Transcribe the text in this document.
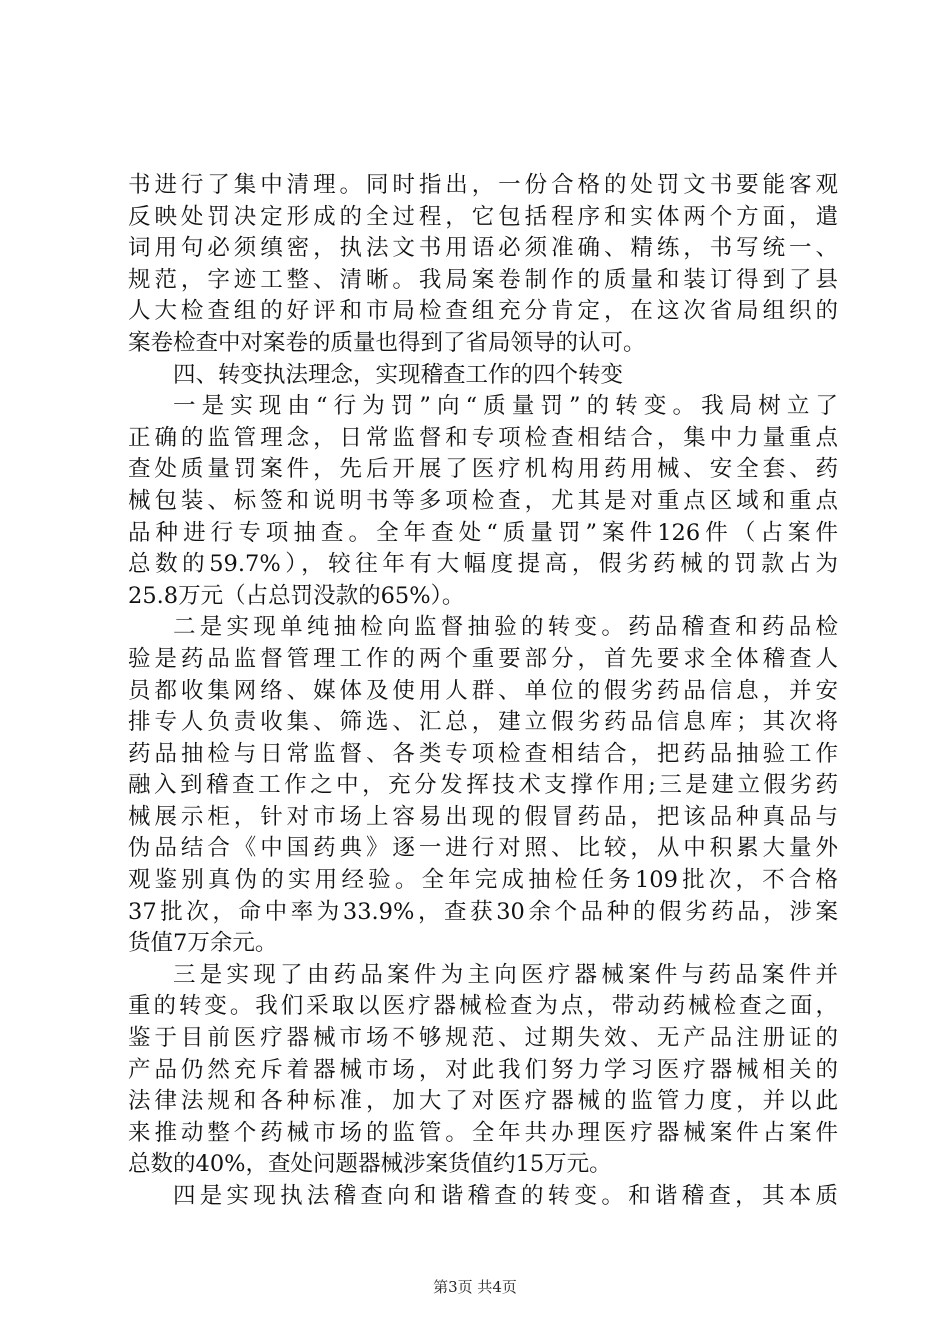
书进行了集中清理。同时指出，一份合格的处罚文书要能客观
反映处罚决定形成的全过程，它包括程序和实体两个方面，遣
词用句必须缜密，执法文书用语必须准确、精练，书写统一、
规范，字迹工整、清晰。我局案卷制作的质量和装订得到了县
人大检查组的好评和市局检查组充分肯定，在这次省局组织的
案卷检查中对案卷的质量也得到了省局领导的认可。
四、转变执法理念，实现稽查工作的四个转变
一是实现由“行为罚”向“质量罚”的转变。我局树立了
正确的监管理念，日常监督和专项检查相结合，集中力量重点
查处质量罚案件，先后开展了医疗机构用药用械、安全套、药
械包装、标签和说明书等多项检查，尤其是对重点区域和重点
品种进行专项抽查。全年查处“质量罚”案件126件（占案件
总数的59.7%），较往年有大幅度提高，假劣药械的罚款占为
25.8万元（占总罚没款的65%）。
二是实现单纯抽检向监督抽验的转变。药品稽查和药品检
验是药品监督管理工作的两个重要部分，首先要求全体稽查人
员都收集网络、媒体及使用人群、单位的假劣药品信息，并安
排专人负责收集、筛选、汇总，建立假劣药品信息库；其次将
药品抽检与日常监督、各类专项检查相结合，把药品抽验工作
融入到稽查工作之中，充分发挥技术支撑作用;三是建立假劣药
械展示柜，针对市场上容易出现的假冒药品，把该品种真品与
伪品结合《中国药典》逐一进行对照、比较，从中积累大量外
观鉴别真伪的实用经验。全年完成抽检任务109批次，不合格
37批次，命中率为33.9%，查获30余个品种的假劣药品，涉案
货值7万余元。
三是实现了由药品案件为主向医疗器械案件与药品案件并
重的转变。我们采取以医疗器械检查为点，带动药械检查之面，
鉴于目前医疗器械市场不够规范、过期失效、无产品注册证的
产品仍然充斥着器械市场，对此我们努力学习医疗器械相关的
法律法规和各种标准，加大了对医疗器械的监管力度，并以此
来推动整个药械市场的监管。全年共办理医疗器械案件占案件
总数的40%，查处问题器械涉案货值约15万元。
四是实现执法稽查向和谐稽查的转变。和谐稽查，其本质
第3页 共4页
